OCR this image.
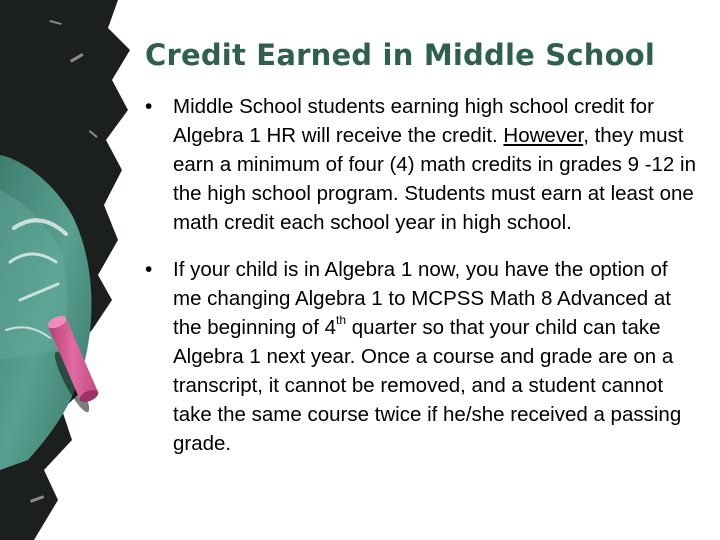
Credit Earned in Middle School
• Middle School students earning high school credit for Algebra 1 HR will receive the credit. However, they must earn a minimum of four (4) math credits in grades 9 -12 in the high school program. Students must earn at least one math credit each school year in high school.

• If your child is in Algebra 1 now, you have the option of me changing Algebra 1 to MCPSS Math 8 Advanced at the beginning of 4th quarter so that your child can take Algebra 1 next year. Once a course and grade are on a transcript, it cannot be removed, and a student cannot take the same course twice if he/she received a passing grade.
